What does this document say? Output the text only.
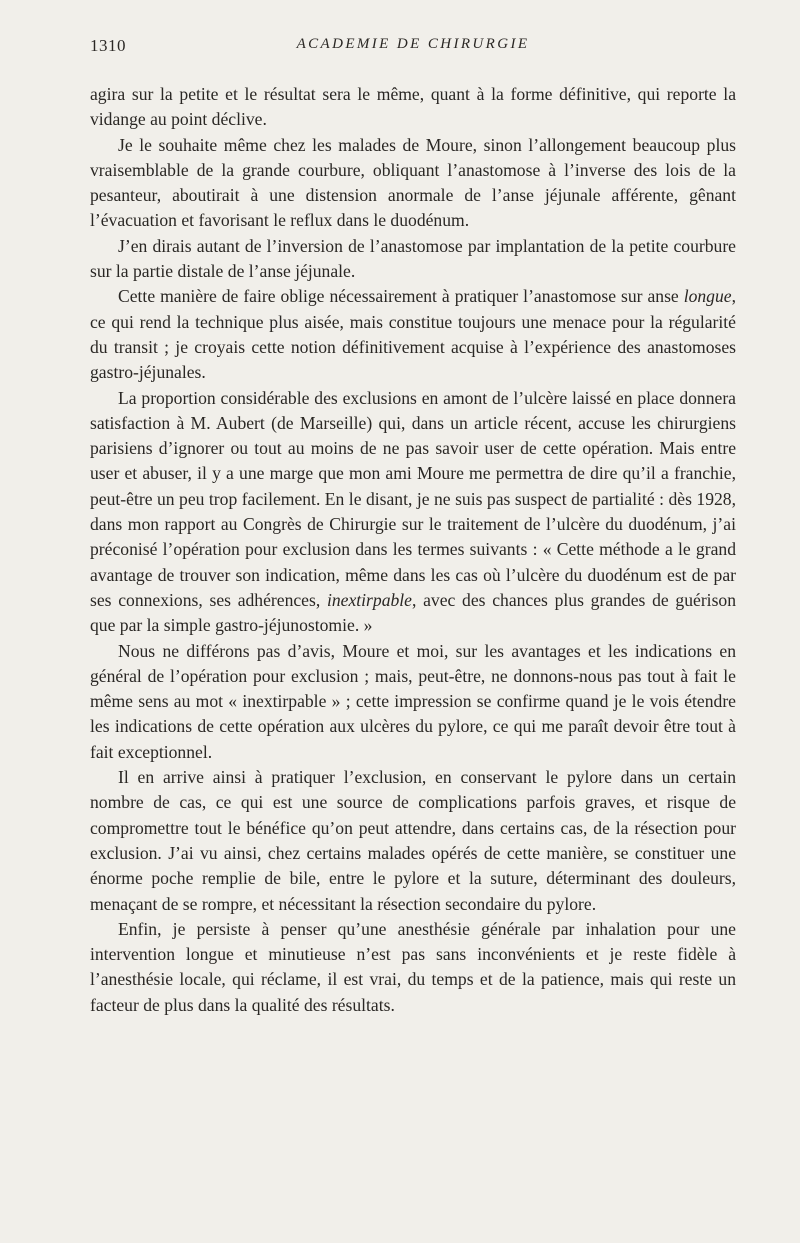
1310	ACADEMIE DE CHIRURGIE

agira sur la petite et le résultat sera le même, quant à la forme définitive, qui reporte la vidange au point déclive.

Je le souhaite même chez les malades de Moure, sinon l’allongement beaucoup plus vraisemblable de la grande courbure, obliquant l’anastomose à l’inverse des lois de la pesanteur, aboutirait à une distension anormale de l’anse jéjunale afférente, gênant l’évacuation et favorisant le reflux dans le duodénum.

J’en dirais autant de l’inversion de l’anastomose par implantation de la petite courbure sur la partie distale de l’anse jéjunale.

Cette manière de faire oblige nécessairement à pratiquer l’anastomose sur anse longue, ce qui rend la technique plus aisée, mais constitue toujours une menace pour la régularité du transit ; je croyais cette notion définitivement acquise à l’expérience des anastomoses gastro-jéjunales.

La proportion considérable des exclusions en amont de l’ulcère laissé en place donnera satisfaction à M. Aubert (de Marseille) qui, dans un article récent, accuse les chirurgiens parisiens d’ignorer ou tout au moins de ne pas savoir user de cette opération. Mais entre user et abuser, il y a une marge que mon ami Moure me permettra de dire qu’il a franchie, peut-être un peu trop facilement. En le disant, je ne suis pas suspect de partialité : dès 1928, dans mon rapport au Congrès de Chirurgie sur le traitement de l’ulcère du duodénum, j’ai préconisé l’opération pour exclusion dans les termes suivants : « Cette méthode a le grand avantage de trouver son indication, même dans les cas où l’ulcère du duodénum est de par ses connexions, ses adhérences, inextirpable, avec des chances plus grandes de guérison que par la simple gastro-jéjunostomie. »

Nous ne différons pas d’avis, Moure et moi, sur les avantages et les indications en général de l’opération pour exclusion ; mais, peut-être, ne donnons-nous pas tout à fait le même sens au mot « inextirpable » ; cette impression se confirme quand je le vois étendre les indications de cette opération aux ulcères du pylore, ce qui me paraît devoir être tout à fait exceptionnel.

Il en arrive ainsi à pratiquer l’exclusion, en conservant le pylore dans un certain nombre de cas, ce qui est une source de complications parfois graves, et risque de compromettre tout le bénéfice qu’on peut attendre, dans certains cas, de la résection pour exclusion. J’ai vu ainsi, chez certains malades opérés de cette manière, se constituer une énorme poche remplie de bile, entre le pylore et la suture, déterminant des douleurs, menaçant de se rompre, et nécessitant la résection secondaire du pylore.

Enfin, je persiste à penser qu’une anesthésie générale par inhalation pour une intervention longue et minutieuse n’est pas sans inconvénients et je reste fidèle à l’anesthésie locale, qui réclame, il est vrai, du temps et de la patience, mais qui reste un facteur de plus dans la qualité des résultats.
